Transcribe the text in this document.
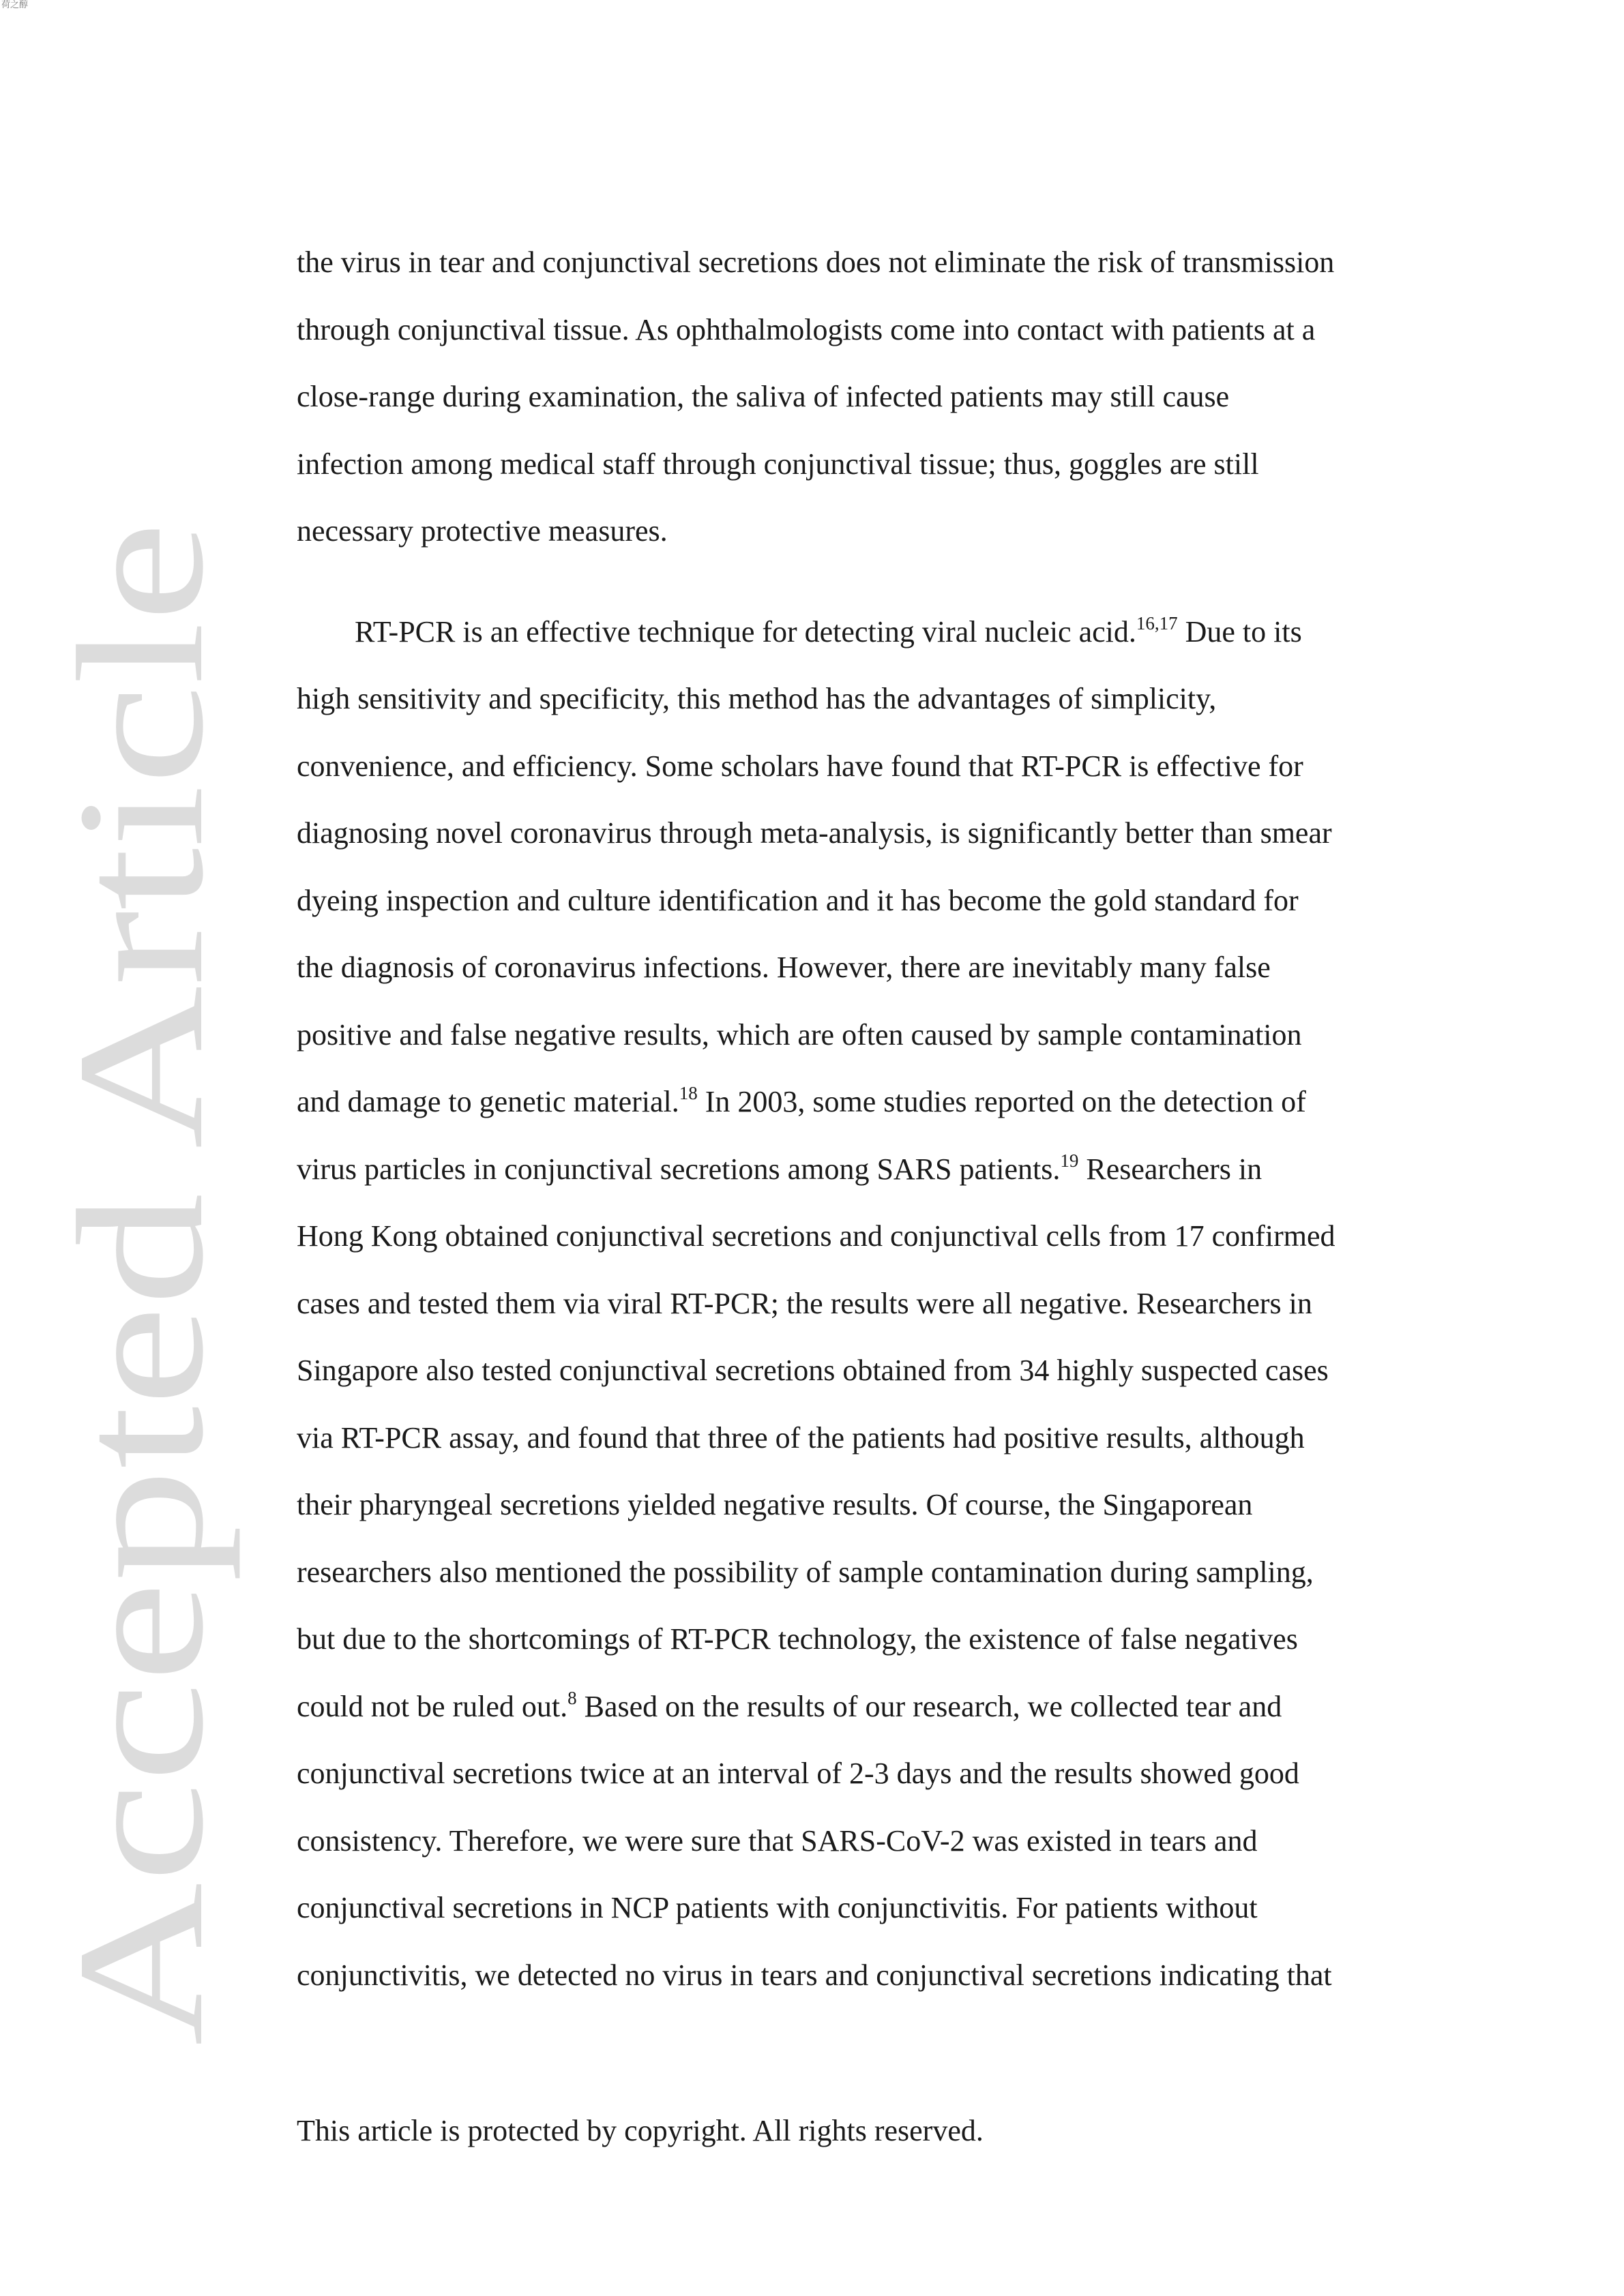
荷之醇
Accepted Article

the virus in tear and conjunctival secretions does not eliminate the risk of transmission
through conjunctival tissue. As ophthalmologists come into contact with patients at a
close-range during examination, the saliva of infected patients may still cause
infection among medical staff through conjunctival tissue; thus, goggles are still
necessary protective measures.

RT-PCR is an effective technique for detecting viral nucleic acid.$^{16,17}$ Due to its
high sensitivity and specificity, this method has the advantages of simplicity,
convenience, and efficiency. Some scholars have found that RT-PCR is effective for
diagnosing novel coronavirus through meta-analysis, is significantly better than smear
dyeing inspection and culture identification and it has become the gold standard for
the diagnosis of coronavirus infections. However, there are inevitably many false
positive and false negative results, which are often caused by sample contamination
and damage to genetic material.$^{18}$ In 2003, some studies reported on the detection of
virus particles in conjunctival secretions among SARS patients.$^{19}$ Researchers in
Hong Kong obtained conjunctival secretions and conjunctival cells from 17 confirmed
cases and tested them via viral RT-PCR; the results were all negative. Researchers in
Singapore also tested conjunctival secretions obtained from 34 highly suspected cases
via RT-PCR assay, and found that three of the patients had positive results, although
their pharyngeal secretions yielded negative results. Of course, the Singaporean
researchers also mentioned the possibility of sample contamination during sampling,
but due to the shortcomings of RT-PCR technology, the existence of false negatives
could not be ruled out.$^8$ Based on the results of our research, we collected tear and
conjunctival secretions twice at an interval of 2-3 days and the results showed good
consistency. Therefore, we were sure that SARS-CoV-2 was existed in tears and
conjunctival secretions in NCP patients with conjunctivitis. For patients without
conjunctivitis, we detected no virus in tears and conjunctival secretions indicating that

This article is protected by copyright. All rights reserved.
